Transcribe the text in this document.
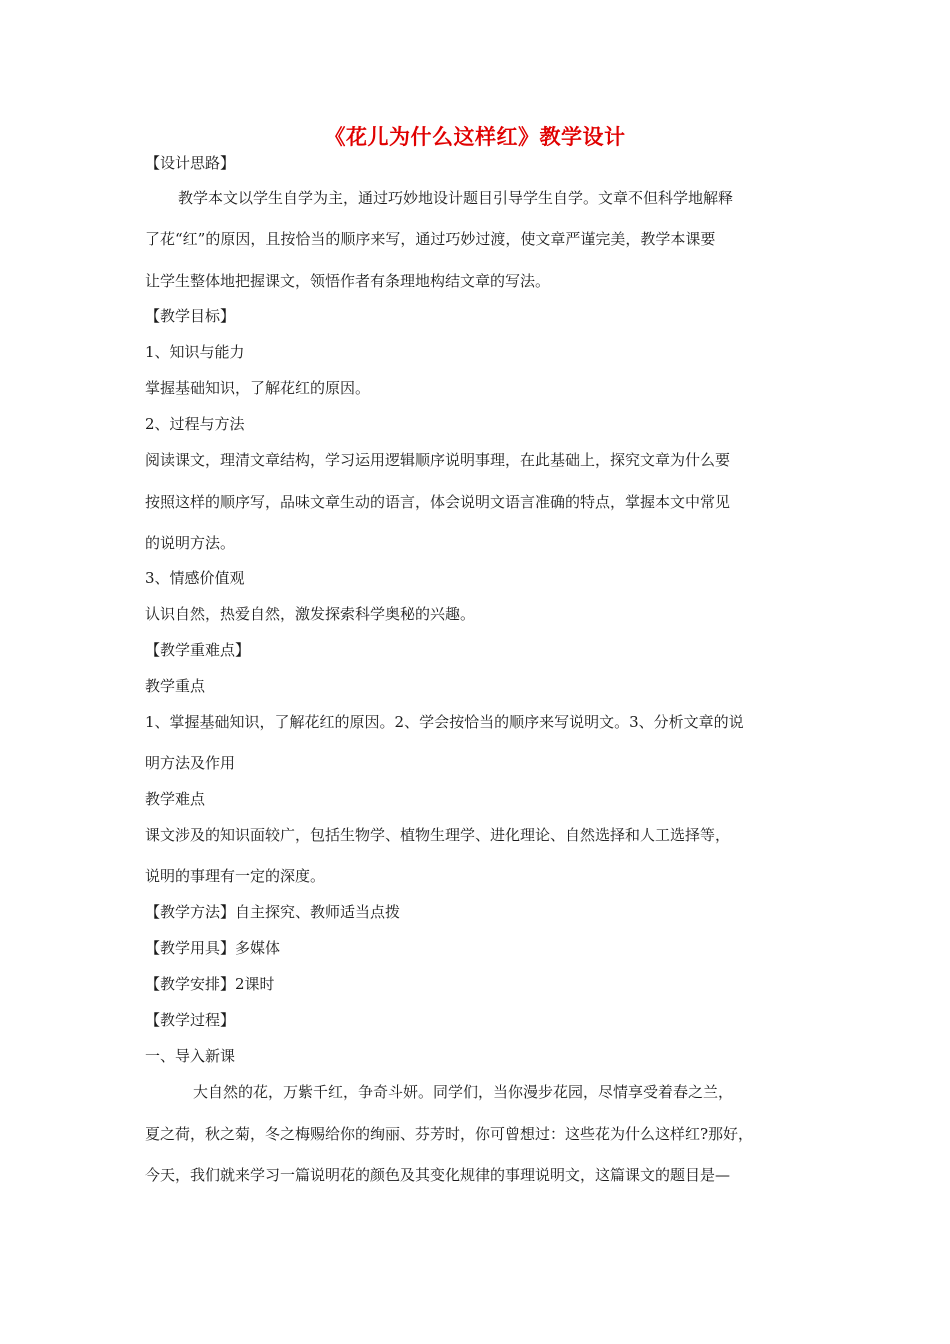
《花儿为什么这样红》教学设计
【设计思路】
教学本文以学生自学为主，通过巧妙地设计题目引导学生自学。文章不但科学地解释
了花“红”的原因，且按恰当的顺序来写，通过巧妙过渡，使文章严谨完美，教学本课要
让学生整体地把握课文，领悟作者有条理地构结文章的写法。
【教学目标】
1、知识与能力
掌握基础知识，了解花红的原因。
2、过程与方法
阅读课文，理清文章结构，学习运用逻辑顺序说明事理，在此基础上，探究文章为什么要
按照这样的顺序写，品味文章生动的语言，体会说明文语言准确的特点，掌握本文中常见
的说明方法。
3、情感价值观
认识自然，热爱自然，激发探索科学奥秘的兴趣。
【教学重难点】
教学重点
1、掌握基础知识，了解花红的原因。2、学会按恰当的顺序来写说明文。3、分析文章的说
明方法及作用
教学难点
课文涉及的知识面较广，包括生物学、植物生理学、进化理论、自然选择和人工选择等，
说明的事理有一定的深度。
【教学方法】自主探究、教师适当点拨
【教学用具】多媒体
【教学安排】2课时
【教学过程】
一、导入新课
大自然的花，万紫千红，争奇斗妍。同学们，当你漫步花园，尽情享受着春之兰，
夏之荷，秋之菊，冬之梅赐给你的绚丽、芬芳时，你可曾想过：这些花为什么这样红?那好，
今天，我们就来学习一篇说明花的颜色及其变化规律的事理说明文，这篇课文的题目是—
